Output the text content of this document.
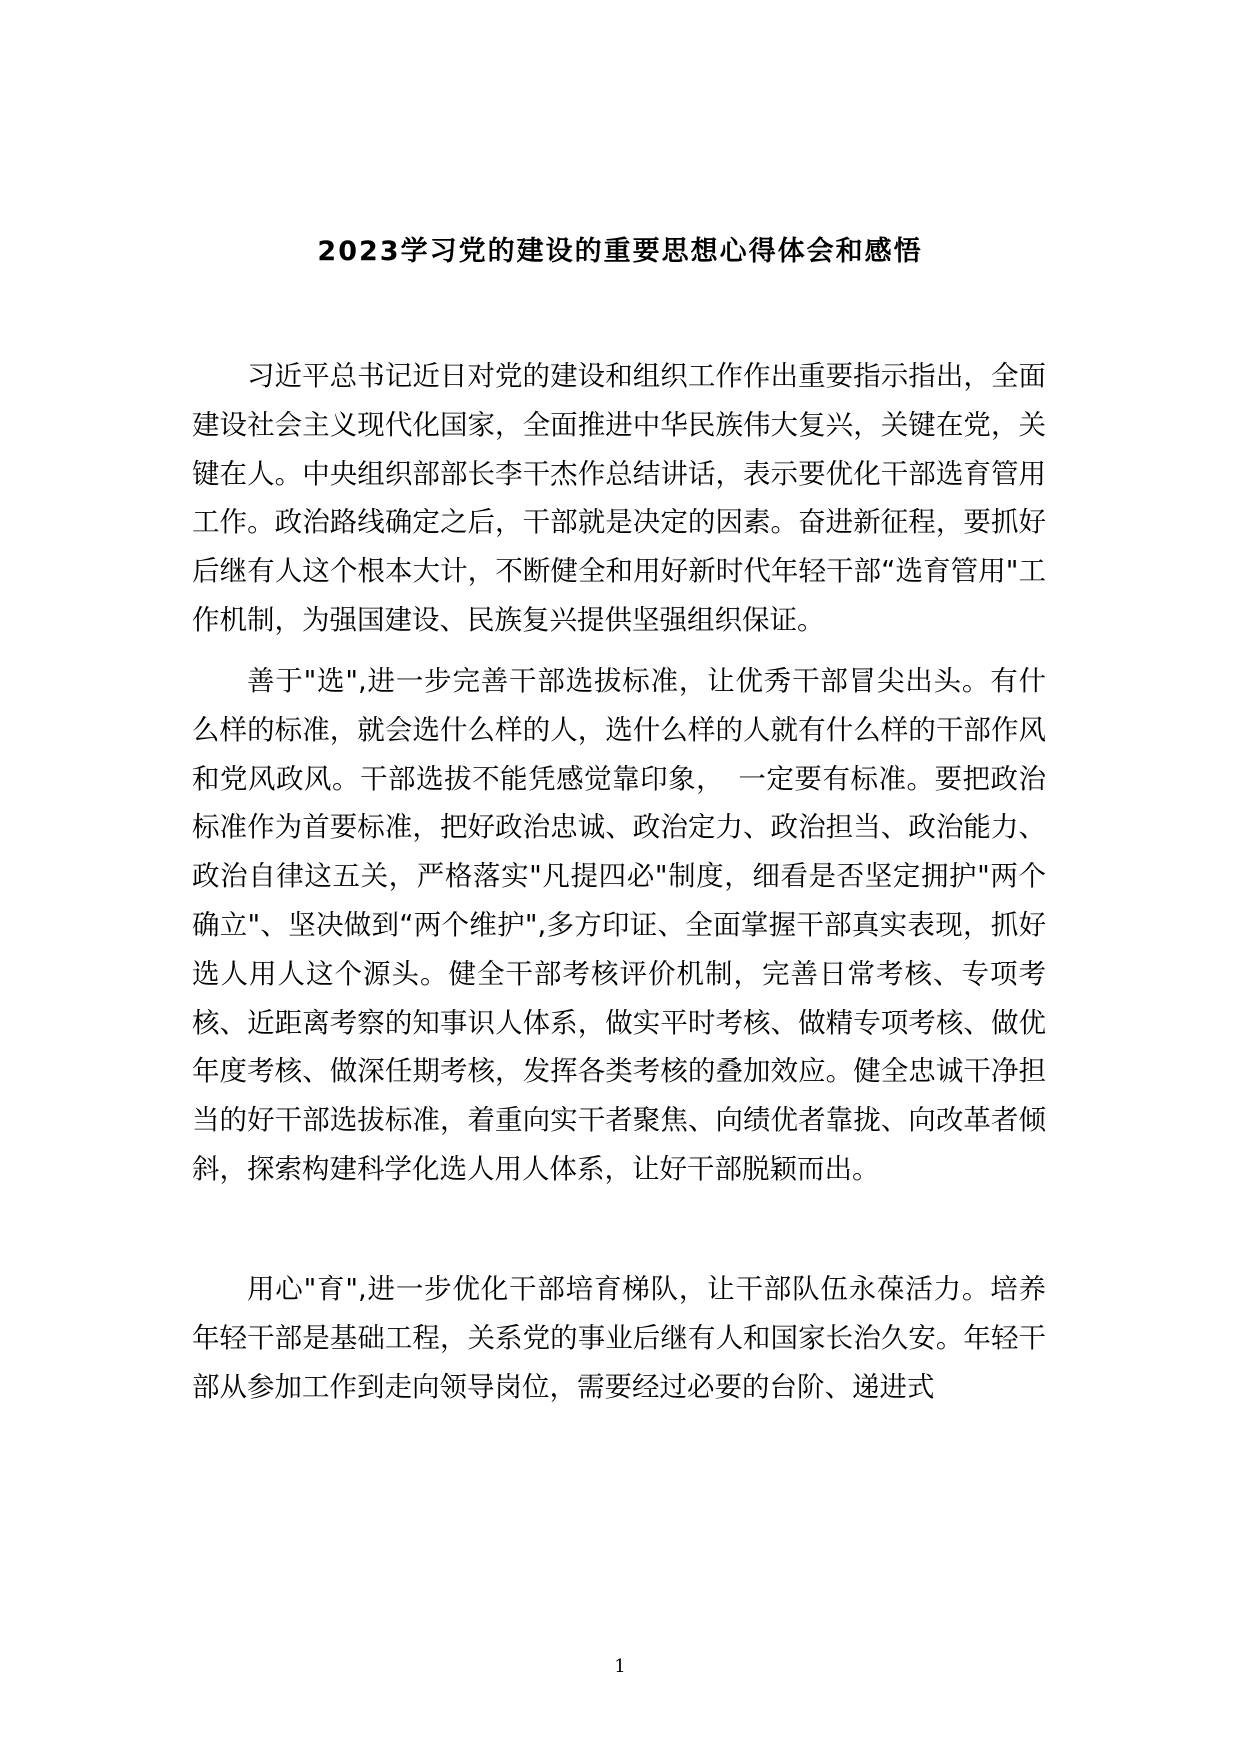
2023学习党的建设的重要思想心得体会和感悟

习近平总书记近日对党的建设和组织工作作出重要指示指出，全面建设社会主义现代化国家，全面推进中华民族伟大复兴，关键在党，关键在人。中央组织部部长李干杰作总结讲话，表示要优化干部选育管用工作。政治路线确定之后，干部就是决定的因素。奋进新征程，要抓好后继有人这个根本大计，不断健全和用好新时代年轻干部“选育管用"工作机制，为强国建设、民族复兴提供坚强组织保证。

善于"选",进一步完善干部选拔标准，让优秀干部冒尖出头。有什么样的标准，就会选什么样的人，选什么样的人就有什么样的干部作风和党风政风。干部选拔不能凭感觉靠印象，　一定要有标准。要把政治标准作为首要标准，把好政治忠诚、政治定力、政治担当、政治能力、政治自律这五关，严格落实"凡提四必"制度，细看是否坚定拥护"两个确立"、坚决做到“两个维护",多方印证、全面掌握干部真实表现，抓好选人用人这个源头。健全干部考核评价机制，完善日常考核、专项考核、近距离考察的知事识人体系，做实平时考核、做精专项考核、做优年度考核、做深任期考核，发挥各类考核的叠加效应。健全忠诚干净担当的好干部选拔标准，着重向实干者聚焦、向绩优者靠拢、向改革者倾斜，探索构建科学化选人用人体系，让好干部脱颖而出。

用心"育",进一步优化干部培育梯队，让干部队伍永葆活力。培养年轻干部是基础工程，关系党的事业后继有人和国家长治久安。年轻干部从参加工作到走向领导岗位，需要经过必要的台阶、递进式

1
